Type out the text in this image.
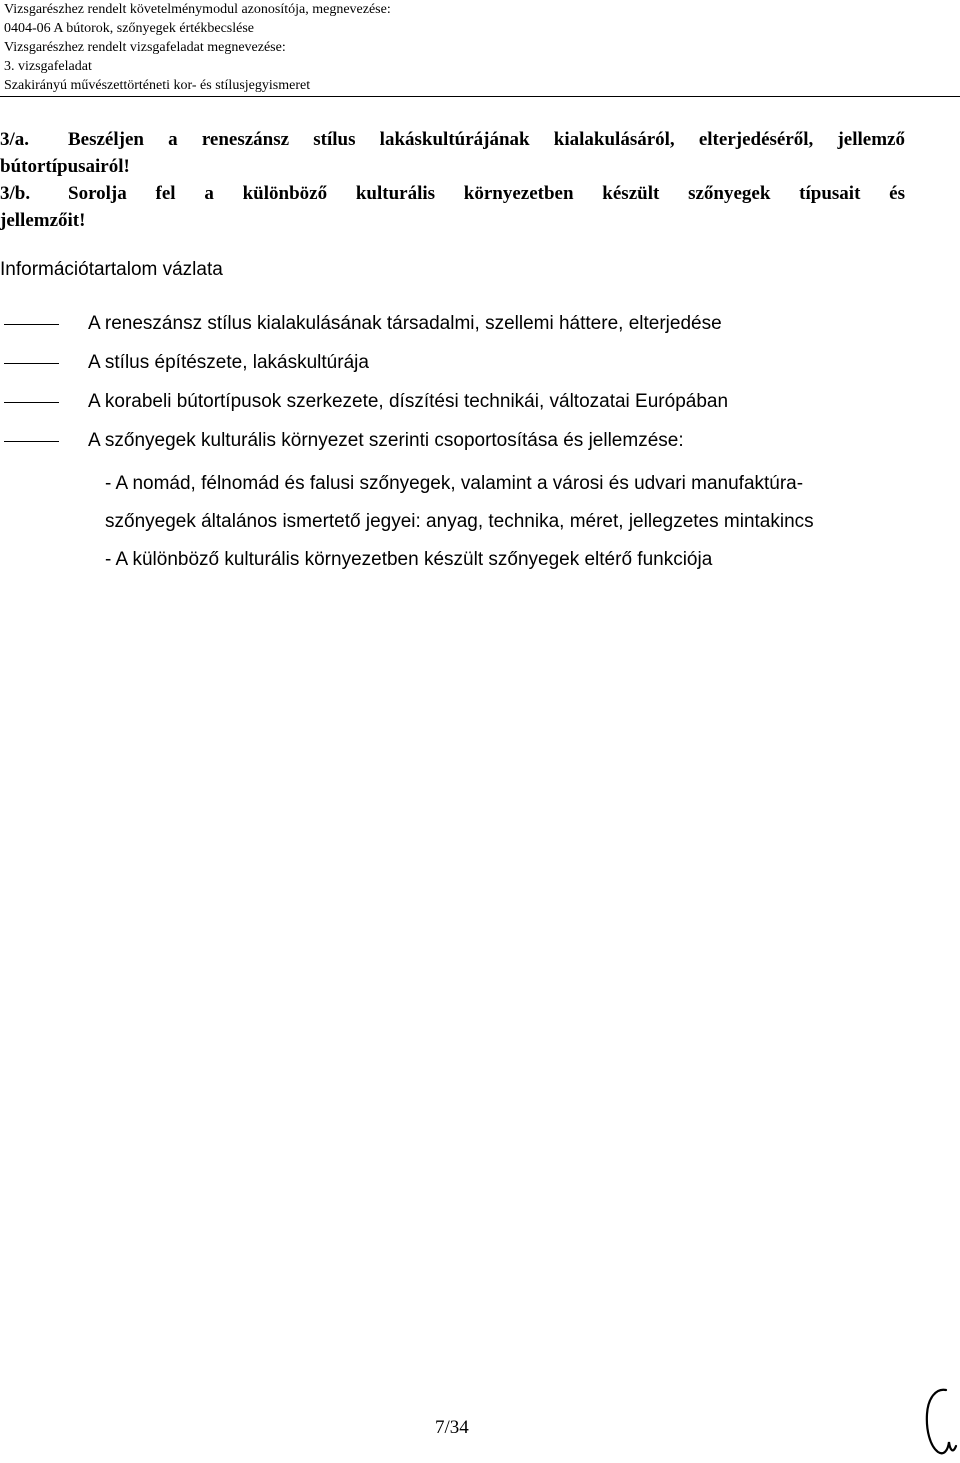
Vizsgarészhez rendelt követelménymodul azonosítója, megnevezése:
0404-06 A bútorok, szőnyegek értékbecslése
Vizsgarészhez rendelt vizsgafeladat megnevezése:
3. vizsgafeladat
Szakirányú művészettörténeti kor- és stílusjegyismeret
3/a. Beszéljen a reneszánsz stílus lakáskultúrájának kialakulásáról, elterjedéséről, jellemző
bútortípusairól!
3/b. Sorolja fel a különböző kulturális környezetben készült szőnyegek típusait és
jellemzőit!
Információtartalom vázlata
A reneszánsz stílus kialakulásának társadalmi, szellemi háttere, elterjedése
A stílus építészete, lakáskultúrája
A korabeli bútortípusok szerkezete, díszítési technikái, változatai Európában
A szőnyegek kulturális környezet szerinti csoportosítása és jellemzése:
- A nomád, félnomád és falusi szőnyegek, valamint a városi és udvari manufaktúra-
szőnyegek általános ismertető jegyei: anyag, technika, méret, jellegzetes mintakincs
- A különböző kulturális környezetben készült szőnyegek eltérő funkciója
7/34
